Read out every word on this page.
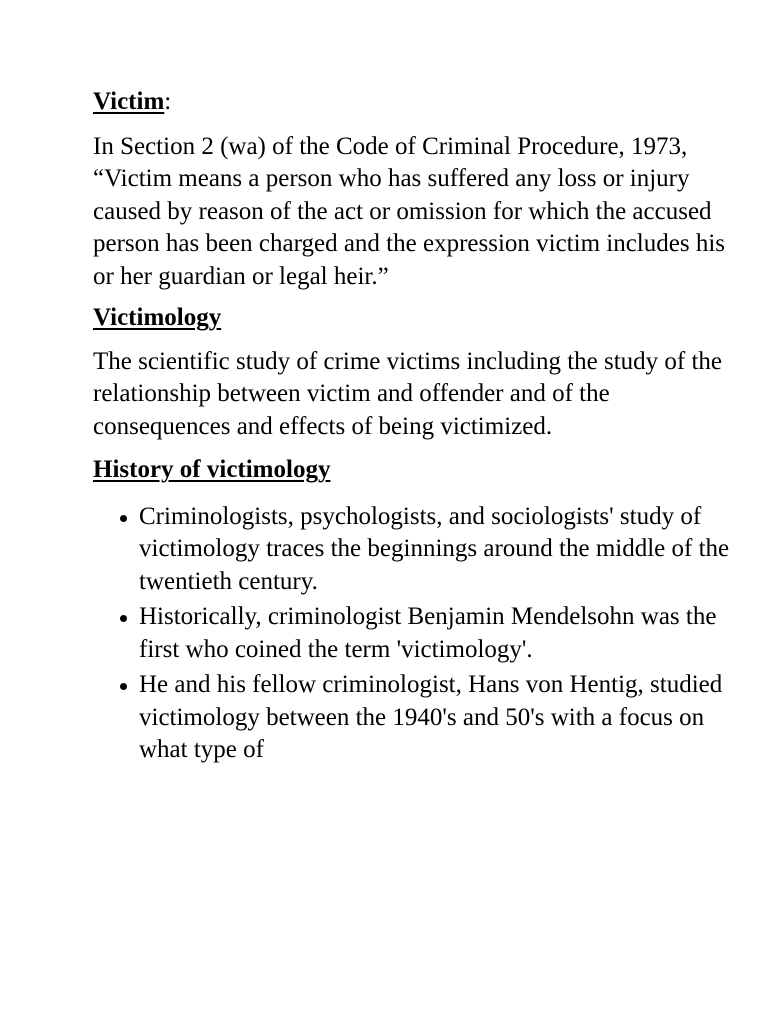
Victim:

In Section 2 (wa) of the Code of Criminal Procedure, 1973, “Victim means a person who has suffered any loss or injury caused by reason of the act or omission for which the accused person has been charged and the expression victim includes his or her guardian or legal heir.”

Victimology

The scientific study of crime victims including the study of the relationship between victim and offender and of the consequences and effects of being victimized.

History of victimology

Criminologists, psychologists, and sociologists' study of victimology traces the beginnings around the middle of the twentieth century.
Historically, criminologist Benjamin Mendelsohn was the first who coined the term 'victimology'.
He and his fellow criminologist, Hans von Hentig, studied victimology between the 1940's and 50's with a focus on what type of
